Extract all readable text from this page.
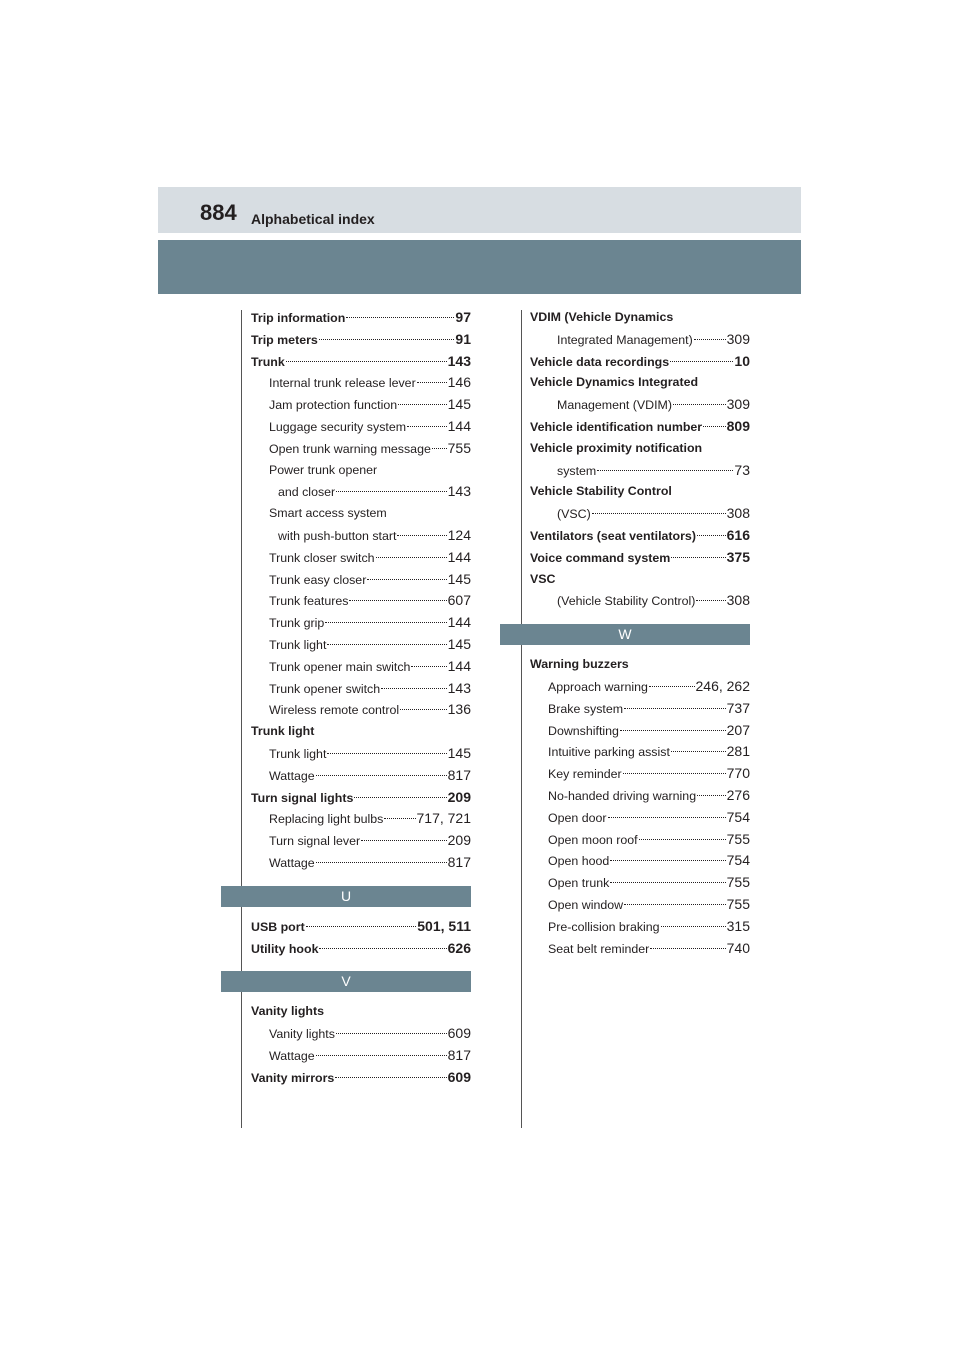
884 Alphabetical index
Trip information	97
Trip meters	91
Trunk	143
Internal trunk release lever 146
Jam protection function	145
Luggage security system	144
Open trunk warning message 755
Power trunk opener
and closer	143
Smart access system
with push-button start	124
Trunk closer switch	144
Trunk easy closer	145
Trunk features	607
Trunk grip	144
Trunk light	145
Trunk opener main switch	144
Trunk opener switch	143
Wireless remote control	136
Trunk light
Trunk light	145
Wattage	817
Turn signal lights	209
Replacing light bulbs 717, 721
Turn signal lever	209
Wattage	817
U
USB port	501, 511
Utility hook	626
V
Vanity lights
Vanity lights	609
Wattage	817
Vanity mirrors	609
VDIM (Vehicle Dynamics
Integrated Management) 309
Vehicle data recordings	10
Vehicle Dynamics Integrated
Management (VDIM)	309
Vehicle identification number 809
Vehicle proximity notification
system	73
Vehicle Stability Control
(VSC)	308
Ventilators (seat ventilators) 616
Voice command system	375
VSC
(Vehicle Stability Control) 308
W
Warning buzzers
Approach warning	246, 262
Brake system	737
Downshifting	207
Intuitive parking assist	281
Key reminder	770
No-handed driving warning 276
Open door	754
Open moon roof	755
Open hood	754
Open trunk	755
Open window	755
Pre-collision braking	315
Seat belt reminder	740
